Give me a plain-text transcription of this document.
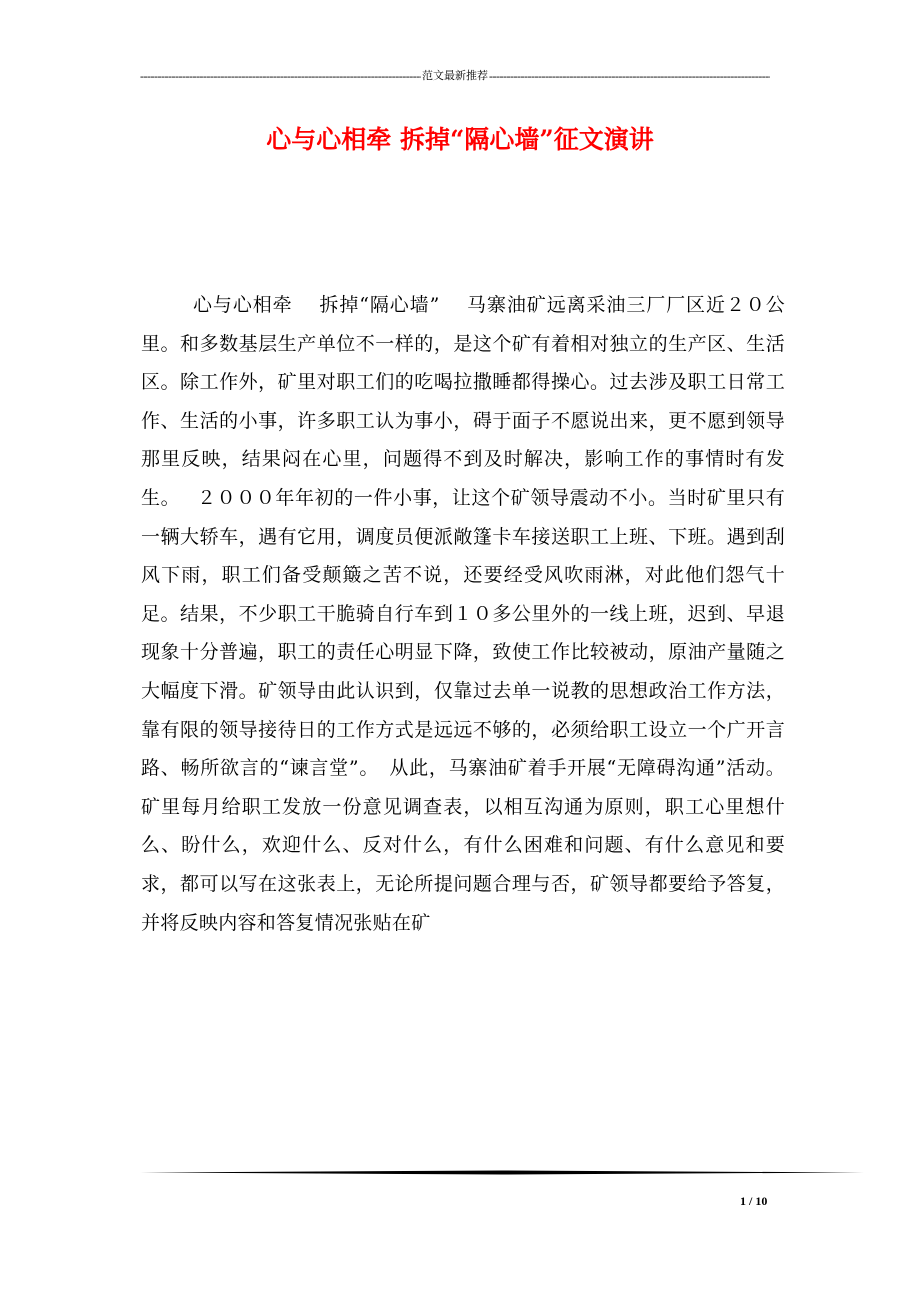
-----
范文最新推荐
-----
心与心相牵 拆掉“隔心墙”征文演讲

心与心相牵　 拆掉“隔心墙”　 马寨油矿远离采油三厂厂区近２０公里。和多数基层生产单位不一样的，是这个矿有着相对独立的生产区、生活区。除工作外，矿里对职工们的吃喝拉撒睡都得操心。过去涉及职工日常工作、生活的小事，许多职工认为事小，碍于面子不愿说出来，更不愿到领导那里反映，结果闷在心里，问题得不到及时解决，影响工作的事情时有发生。　 ２０００年年初的一件小事，让这个矿领导震动不小。当时矿里只有一辆大轿车，遇有它用，调度员便派敞篷卡车接送职工上班、下班。遇到刮风下雨，职工们备受颠簸之苦不说，还要经受风吹雨淋，对此他们怨气十足。结果，不少职工干脆骑自行车到１０多公里外的一线上班，迟到、早退现象十分普遍，职工的责任心明显下降，致使工作比较被动，原油产量随之大幅度下滑。矿领导由此认识到，仅靠过去单一说教的思想政治工作方法，靠有限的领导接待日的工作方式是远远不够的，必须给职工设立一个广开言路、畅所欲言的“谏言堂”。　从此，马寨油矿着手开展“无障碍沟通”活动。矿里每月给职工发放一份意见调查表，以相互沟通为原则，职工心里想什么、盼什么，欢迎什么、反对什么，有什么困难和问题、有什么意见和要求，都可以写在这张表上，无论所提问题合理与否，矿领导都要给予答复，并将反映内容和答复情况张贴在矿

1 / 10
